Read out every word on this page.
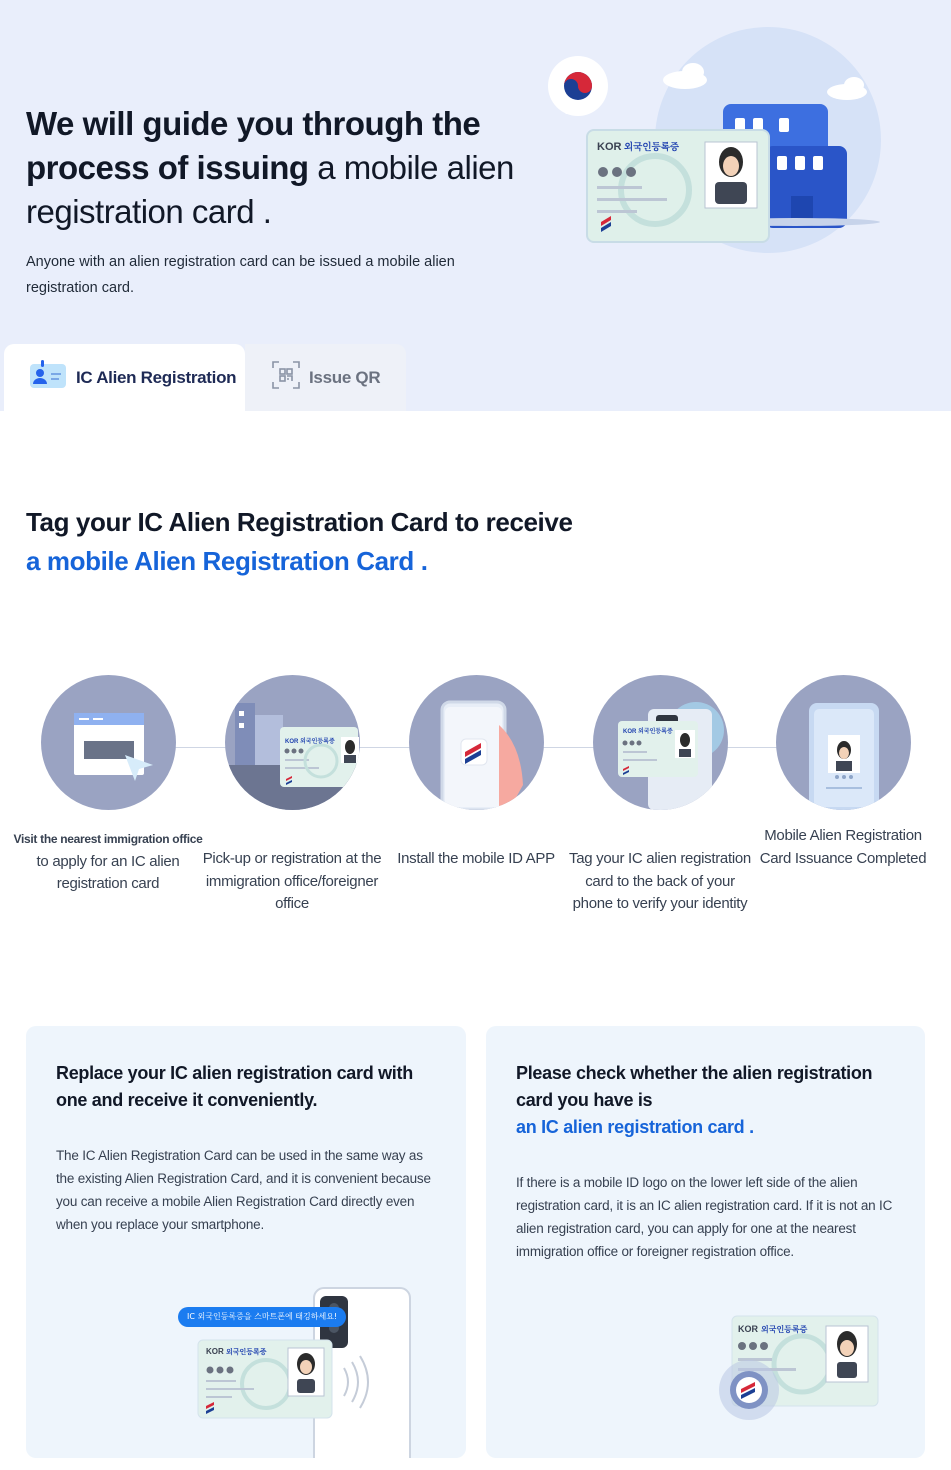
We will guide you through the process of issuing a mobile alien registration card .

Anyone with an alien registration card can be issued a mobile alien registration card.

KOR 외국인등록증
IC Alien Registration	Issue QR
Tag your IC Alien Registration Card to receive
a mobile Alien Registration Card .
Visit the nearest immigration office to apply for an IC alien registration card
KOR 외국인등록증
Pick-up or registration at the immigration office/foreigner office
Install the mobile ID APP
KOR 외국인등록증
Tag your IC alien registration card to the back of your phone to verify your identity
Mobile Alien Registration Card Issuance Completed
Replace your IC alien registration card with one and receive it conveniently.

The IC Alien Registration Card can be used in the same way as the existing Alien Registration Card, and it is convenient because you can receive a mobile Alien Registration Card directly even when you replace your smartphone.

KOR 외국인등록증
IC 외국인등록증을 스마트폰에 태깅하세요!
Please check whether the alien registration card you have is
an IC alien registration card .

If there is a mobile ID logo on the lower left side of the alien registration card, it is an IC alien registration card. If it is not an IC alien registration card, you can apply for one at the nearest immigration office or foreigner registration office.

KOR 외국인등록증
